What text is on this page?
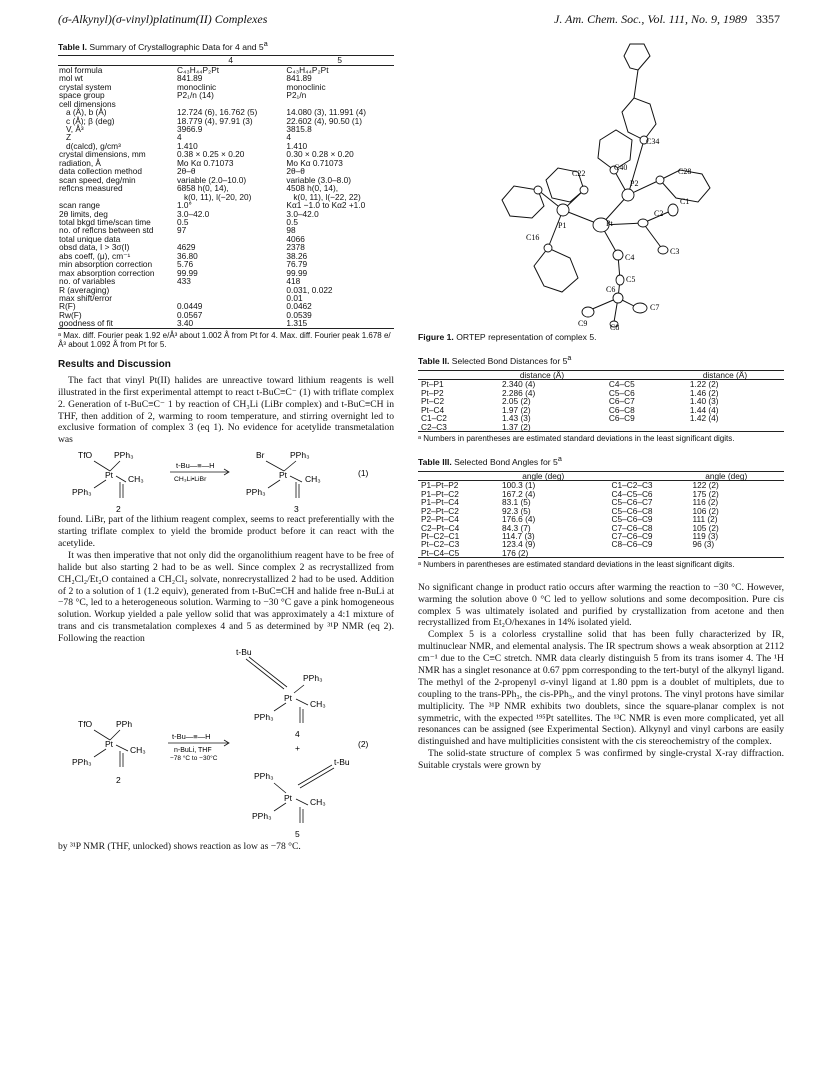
(σ-Alkynyl)(σ-vinyl)platinum(II) Complexes	J. Am. Chem. Soc., Vol. 111, No. 9, 1989 3357
Table I. Summary of Crystallographic Data for 4 and 5$^a$
	4	5
mol formula	C₄₃H₄₄P₂Pt	C₄₃H₄₄P₂Pt
mol wt	841.89	841.89
crystal system	monoclinic	monoclinic
space group	P2₁/n (14)	P2₁/n
cell dimensions		
a (Å), b (Å)	12.724 (6), 16.762 (5)	14.080 (3), 11.991 (4)
c (Å); β (deg)	18.779 (4), 97.91 (3)	22.602 (4), 90.50 (1)
V, Å³	3966.9	3815.8
Z	4	4
d(calcd), g/cm³	1.410	1.410
crystal dimensions, mm	0.38 × 0.25 × 0.20	0.30 × 0.28 × 0.20
radiation, Å	Mo Kα 0.71073	Mo Kα 0.71073
data collection method	2θ–θ	2θ–θ
scan speed, deg/min	variable (2.0–10.0)	variable (3.0–8.0)
reflcns measured	6858 h(0, 14),	4508 h(0, 14),
	k(0, 11), l(−20, 20)	k(0, 11), l(−22, 22)
scan range	1.0°	Kα1 −1.0 to Kα2 +1.0
2θ limits, deg	3.0–42.0	3.0–42.0
total bkgd time/scan time	0.5	0.5
no. of reflcns between std	97	98
total unique data		4066
obsd data, I > 3σ(I)	4629	2378
abs coeff, (μ), cm⁻¹	36.80	38.26
min absorption correction	5.76	76.79
max absorption correction	99.99	99.99
no. of variables	433	418
R (averaging)		0.031, 0.022
max shift/error		0.01
R(F)	0.0449	0.0462
Rw(F)	0.0567	0.0539
goodness of fit	3.40	1.315
ᵃ Max. diff. Fourier peak 1.92 e/Å³ about 1.002 Å from Pt for 4. Max. diff. Fourier peak 1.678 e/Å³ about 1.092 Å from Pt for 5.
Results and Discussion

The fact that vinyl Pt(II) halides are unreactive toward lithium reagents is well illustrated in the first experimental attempt to react t-BuC≡C⁻ (1) with triflate complex 2. Generation of t-BuC≡C⁻ 1 by reaction of CH₃Li (LiBr complex) and t-BuC≡CH in THF, then addition of 2, warming to room temperature, and stirring overnight led to exclusive formation of complex 3 (eq 1). No evidence for acetylide transmetalation was

TfO	PPh₃
Pt CH₃
PPh₃
2
t-Bu—≡—H
CH₃Li•LiBr
Br	PPh₃
Pt CH₃
PPh₃
3
(1)

found. LiBr, part of the lithium reagent complex, seems to react preferentially with the starting triflate complex to yield the bromide product before it can react with the acetylide.

It was then imperative that not only did the organolithium reagent have to be free of halide but also starting 2 had to be as well. Since complex 2 as recrystallized from CH₂Cl₂/Et₂O contained a CH₂Cl₂ solvate, nonrecrystallized 2 had to be used. Addition of 2 to a solution of 1 (1.2 equiv), generated from t-BuC≡CH and halide free n-BuLi at −78 °C, led to a heterogeneous solution. Warming to −30 °C gave a pink homogeneous solution. Workup yielded a pale yellow solid that was approximately a 4:1 mixture of trans and cis transmetalation complexes 4 and 5 as determined by ³¹P NMR (eq 2). Following the reaction

t-Bu
PPh₃
Pt
CH₃
PPh₃
4
+
TfO	PPh
Pt
CH₃
PPh₃
2
t-Bu—≡—H
n-BuLi, THF
−78 °C to −30°C
(2)
t-Bu
PPh₃
Pt CH₃
PPh₃
5

by ³¹P NMR (THF, unlocked) shows reaction as low as −78 °C.

C34
C40	C28
C22
P2
C1
C2
P1	Pt
C3
C16
C4
C5
C6
C7
C9	C8
Figure 1. ORTEP representation of complex 5.
Table II. Selected Bond Distances for 5$^a$
	distance (Å)		distance (Å)
Pt–P1	2.340 (4)	C4–C5	1.22 (2)
Pt–P2	2.286 (4)	C5–C6	1.46 (2)
Pt–C2	2.05 (2)	C6–C7	1.40 (3)
Pt–C4	1.97 (2)	C6–C8	1.44 (4)
C1–C2	1.43 (3)	C6–C9	1.42 (4)
C2–C3	1.37 (2)		
ᵃ Numbers in parentheses are estimated standard deviations in the least significant digits.
Table III. Selected Bond Angles for 5$^a$
	angle (deg)		angle (deg)
P1–Pt–P2	100.3 (1)	C1–C2–C3	122 (2)
P1–Pt–C2	167.2 (4)	C4–C5–C6	175 (2)
P1–Pt–C4	83.1 (5)	C5–C6–C7	116 (2)
P2–Pt–C2	92.3 (5)	C5–C6–C8	106 (2)
P2–Pt–C4	176.6 (4)	C5–C6–C9	111 (2)
C2–Pt–C4	84.3 (7)	C7–C6–C8	105 (2)
Pt–C2–C1	114.7 (3)	C7–C6–C9	119 (3)
Pt–C2–C3	123.4 (9)	C8–C6–C9	96 (3)
Pt–C4–C5	176 (2)		
ᵃ Numbers in parentheses are estimated standard deviations in the least significant digits.

No significant change in product ratio occurs after warming the reaction to −30 °C. However, warming the solution above 0 °C led to yellow solutions and some decomposition. Pure cis complex 5 was ultimately isolated and purified by crystallization from acetone and then recrystallized from Et₂O/hexanes in 14% isolated yield.

Complex 5 is a colorless crystalline solid that has been fully characterized by IR, multinuclear NMR, and elemental analysis. The IR spectrum shows a weak absorption at 2112 cm⁻¹ due to the C≡C stretch. NMR data clearly distinguish 5 from its trans isomer 4. The ¹H NMR has a singlet resonance at 0.67 ppm corresponding to the tert-butyl of the alkynyl ligand. The methyl of the 2-propenyl σ-vinyl ligand at 1.80 ppm is a doublet of multiplets, due to coupling to the trans-PPh₃, the cis-PPh₃, and the vinyl protons. The vinyl protons have similar multiplicity. The ³¹P NMR exhibits two doublets, since the square-planar complex is not symmetric, with the expected ¹⁹⁵Pt satellites. The ¹³C NMR is even more complicated, yet all resonances can be assigned (see Experimental Section). Alkynyl and vinyl carbons are easily distinguished and have multiplicities consistent with the cis stereochemistry of the complex.

The solid-state structure of complex 5 was confirmed by single-crystal X-ray diffraction. Suitable crystals were grown by
